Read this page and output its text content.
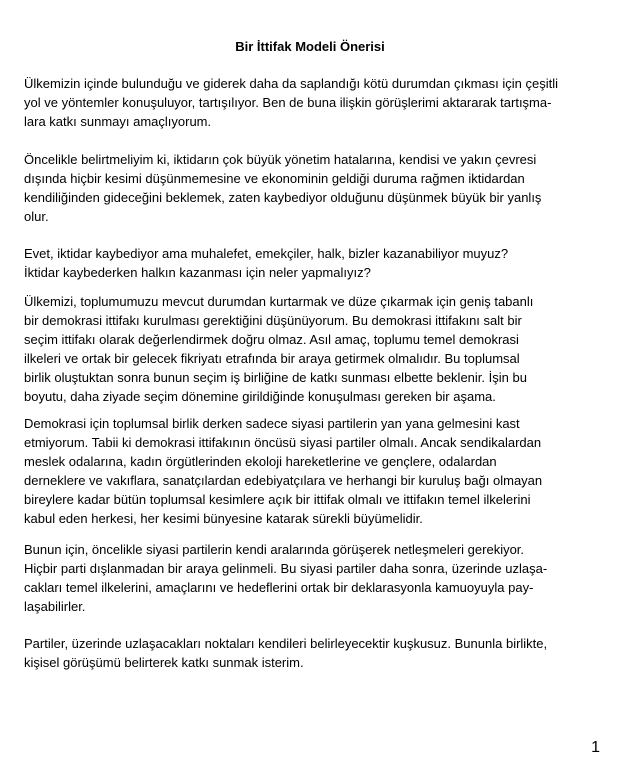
Bir İttifak Modeli Önerisi

Ülkemizin içinde bulunduğu ve giderek daha da saplandığı kötü durumdan çıkması için çeşitli
yol ve yöntemler konuşuluyor, tartışılıyor. Ben de buna ilişkin görüşlerimi aktararak tartışma-
lara katkı sunmayı amaçlıyorum.

Öncelikle belirtmeliyim ki, iktidarın çok büyük yönetim hatalarına, kendisi ve yakın çevresi
dışında hiçbir kesimi düşünmemesine ve ekonominin geldiği duruma rağmen iktidardan
kendiliğinden gideceğini beklemek, zaten kaybediyor olduğunu düşünmek büyük bir yanlış
olur.

Evet, iktidar kaybediyor ama muhalefet, emekçiler, halk, bizler kazanabiliyor muyuz?
İktidar kaybederken halkın kazanması için neler yapmalıyız?

Ülkemizi, toplumumuzu mevcut durumdan kurtarmak ve düze çıkarmak için geniş tabanlı
bir demokrasi ittifakı kurulması gerektiğini düşünüyorum. Bu demokrasi ittifakını salt bir
seçim ittifakı olarak değerlendirmek doğru olmaz. Asıl amaç, toplumu temel demokrasi
ilkeleri ve ortak bir gelecek fikriyatı etrafında bir araya getirmek olmalıdır. Bu toplumsal
birlik oluştuktan sonra bunun seçim iş birliğine de katkı sunması elbette beklenir. İşin bu
boyutu, daha ziyade seçim dönemine girildiğinde konuşulması gereken bir aşama.

Demokrasi için toplumsal birlik derken sadece siyasi partilerin yan yana gelmesini kast
etmiyorum. Tabii ki demokrasi ittifakının öncüsü siyasi partiler olmalı. Ancak sendikalardan
meslek odalarına, kadın örgütlerinden ekoloji hareketlerine ve gençlere, odalardan
derneklere ve vakıflara, sanatçılardan edebiyatçılara ve herhangi bir kuruluş bağı olmayan
bireylere kadar bütün toplumsal kesimlere açık bir ittifak olmalı ve ittifakın temel ilkelerini
kabul eden herkesi, her kesimi bünyesine katarak sürekli büyümelidir.

Bunun için, öncelikle siyasi partilerin kendi aralarında görüşerek netleşmeleri gerekiyor.
Hiçbir parti dışlanmadan bir araya gelinmeli. Bu siyasi partiler daha sonra, üzerinde uzlaşa-
cakları temel ilkelerini, amaçlarını ve hedeflerini ortak bir deklarasyonla kamuoyuyla pay-
laşabilirler.

Partiler, üzerinde uzlaşacakları noktaları kendileri belirleyecektir kuşkusuz. Bununla birlikte,
kişisel görüşümü belirterek katkı sunmak isterim.

1
